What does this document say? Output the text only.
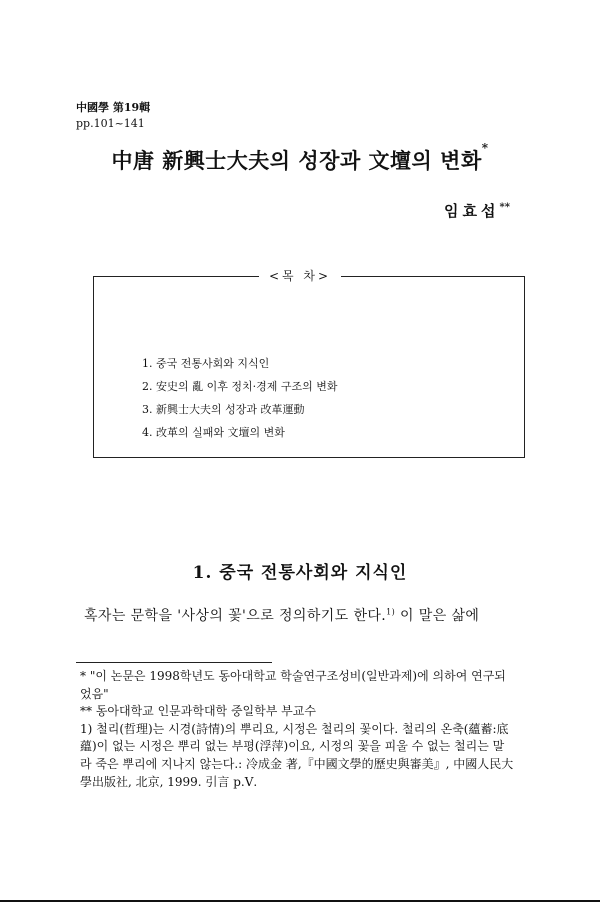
中國學 第19輯
pp.101~141
中唐 新興士大夫의 성장과 文壇의 변화*
임효섭**
<목 차>
1. 중국 전통사회와 지식인
2. 安史의 亂 이후 정치·경제 구조의 변화
3. 新興士大夫의 성장과 改革運動
4. 改革의 실패와 文壇의 변화
1. 중국 전통사회와 지식인
혹자는 문학을 '사상의 꽃'으로 정의하기도 한다.$^{1)}$ 이 말은 삶에

* "이 논문은 1998학년도 동아대학교 학술연구조성비(일반과제)에 의하여 연구되었음"

** 동아대학교 인문과학대학 중일학부 부교수

1) 철리(哲理)는 시경(詩情)의 뿌리요, 시정은 철리의 꽃이다. 철리의 온축(蘊蓄:底蘊)이 없는 시정은 뿌리 없는 부평(浮萍)이요, 시정의 꽃을 피울 수 없는 철리는 말라 죽은 뿌리에 지나지 않는다.: 冷成金 著,『中國文學的歷史與審美』, 中國人民大學出版社, 北京, 1999. 引言 p.Ⅴ.
